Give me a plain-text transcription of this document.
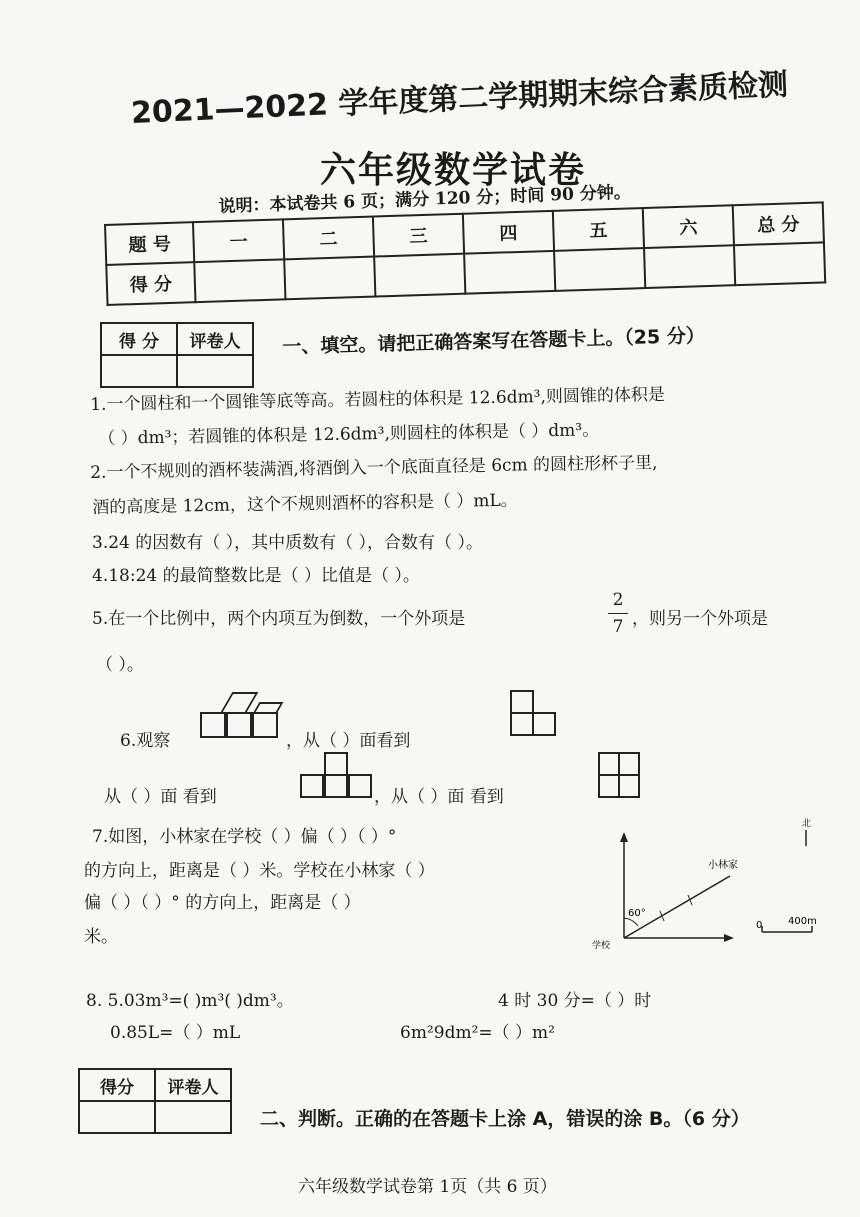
2021—2022 学年度第二学期期末综合素质检测
六年级数学试卷
说明：本试卷共 6 页；满分 120 分；时间 90 分钟。
题 号	一	二	三	四	五	六	总 分
得 分							
得 分	评卷人
	一、填空。请把正确答案写在答题卡上。（25 分）
1.一个圆柱和一个圆锥等底等高。若圆柱的体积是 12.6dm³,则圆锥的体积是
（ ）dm³；若圆锥的体积是 12.6dm³,则圆柱的体积是（ ）dm³。
2.一个不规则的酒杯装满酒,将酒倒入一个底面直径是 6cm 的圆柱形杯子里,
酒的高度是 12cm，这个不规则酒杯的容积是（ ）mL。
3.24 的因数有（ ），其中质数有（ ），合数有（ ）。
4.18:24 的最简整数比是（ ）比值是（ ）。
5.在一个比例中，两个内项互为倒数，一个外项是
2
7 ，则另一个外项是
（ ）。
6.观察	，从（ ）面看到
从（ ）面 看到	，从（ ）面 看到
7.如图，小林家在学校（ ）偏（ ）（ ）°
的方向上，距离是（ ）米。学校在小林家（ ）
偏（ ）（ ）° 的方向上，距离是（ ）
米。
60°
小林家
学校
北
0	400m
8. 5.03m³=( )m³( )dm³。	4 时 30 分=（ ）时
0.85L=（ ）mL	6m²9dm²=（ ）m²
得分	评卷人

二、判断。正确的在答题卡上涂 A，错误的涂 B。（6 分）
六年级数学试卷第 1页（共 6 页）
